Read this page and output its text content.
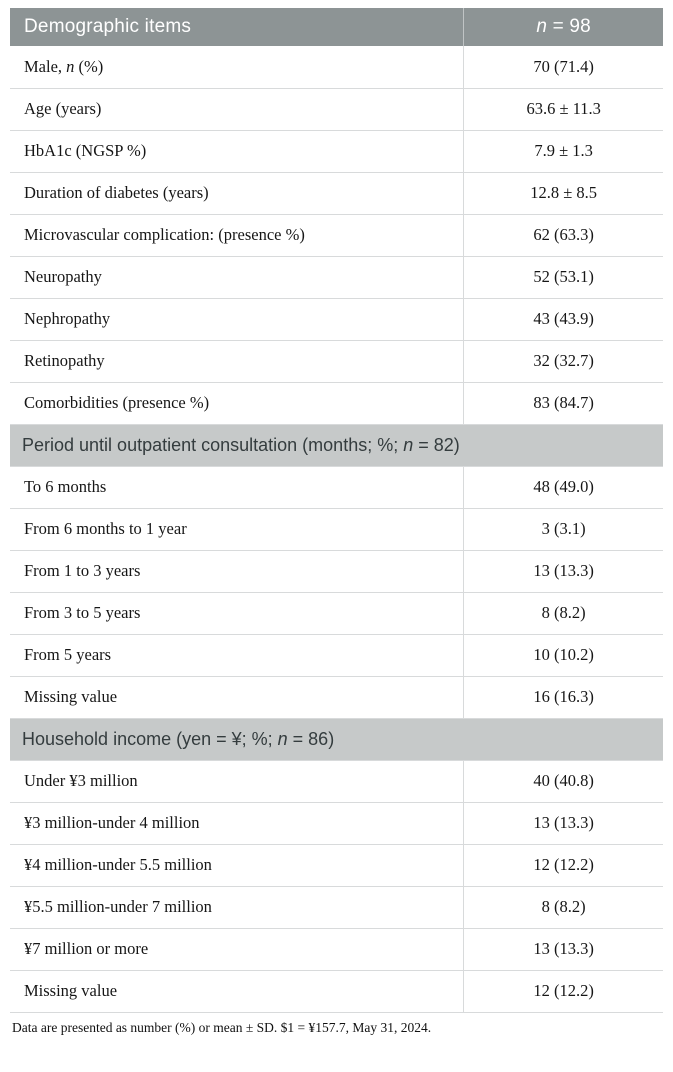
Demographic items	n = 98
Male, n (%)	70 (71.4)
Age (years)	63.6 ± 11.3
HbA1c (NGSP %)	7.9 ± 1.3
Duration of diabetes (years)	12.8 ± 8.5
Microvascular complication: (presence %)	62 (63.3)
Neuropathy	52 (53.1)
Nephropathy	43 (43.9)
Retinopathy	32 (32.7)
Comorbidities (presence %)	83 (84.7)
Period until outpatient consultation (months; %; n = 82)	
To 6 months	48 (49.0)
From 6 months to 1 year	3 (3.1)
From 1 to 3 years	13 (13.3)
From 3 to 5 years	8 (8.2)
From 5 years	10 (10.2)
Missing value	16 (16.3)
Household income (yen = ¥; %; n = 86)	
Under ¥3 million	40 (40.8)
¥3 million-under 4 million	13 (13.3)
¥4 million-under 5.5 million	12 (12.2)
¥5.5 million-under 7 million	8 (8.2)
¥7 million or more	13 (13.3)
Missing value	12 (12.2)
Data are presented as number (%) or mean ± SD. $1 = ¥157.7, May 31, 2024.
